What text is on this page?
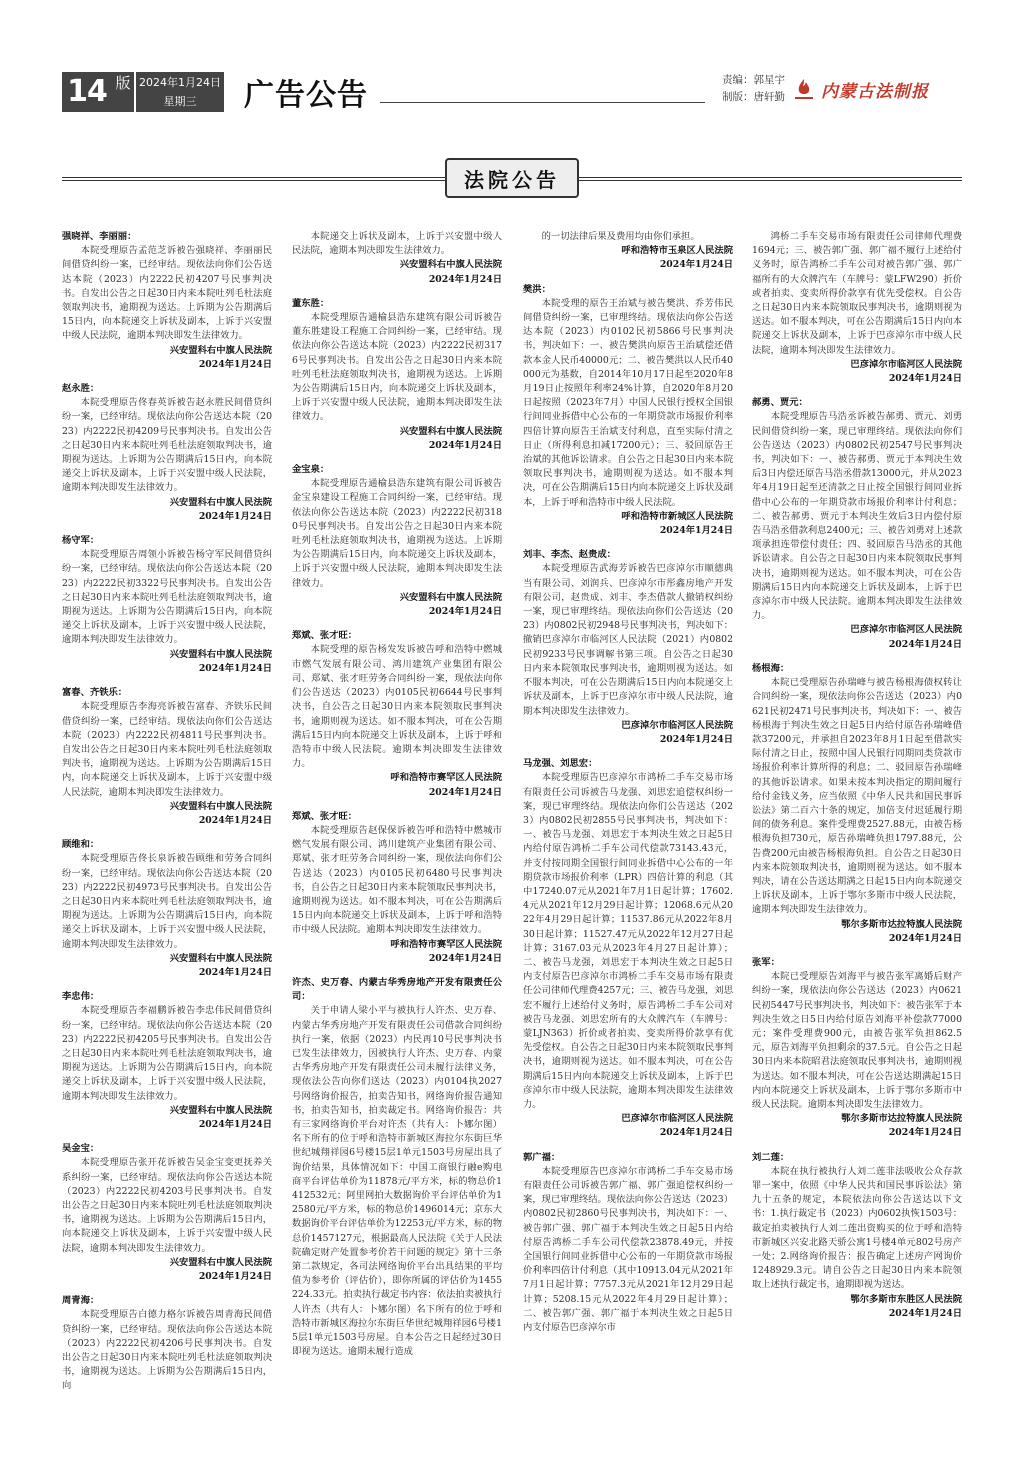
14 版 2024年1月24日
星期三	广告公告	责编：郭星宇
制版：唐轩勤 内蒙古法制报
法院公告

强晓祥、李丽丽：

本院受理原告孟范芝诉被告强晓祥、李丽丽民间借贷纠纷一案，已经审结。现依法向你们公告送达本院（2023）内2222民初4207号民事判决书。自发出公告之日起30日内来本院吐列毛杜法庭领取判决书，逾期视为送达。上诉期为公告期满后15日内，向本院递交上诉状及副本，上诉于兴安盟中级人民法院，逾期本判决即发生法律效力。

兴安盟科右中旗人民法院

2024年1月24日

赵永胜：

本院受理原告佟春英诉被告赵永胜民间借贷纠纷一案，已经审结。现依法向你公告送达本院（2023）内2222民初4209号民事判决书。自发出公告之日起30日内来本院吐列毛杜法庭领取判决书，逾期视为送达。上诉期为公告期满后15日内，向本院递交上诉状及副本，上诉于兴安盟中级人民法院，逾期本判决即发生法律效力。

兴安盟科右中旗人民法院

2024年1月24日

杨守军：

本院受理原告周领小诉被告杨守军民间借贷纠纷一案，已经审结。现依法向你公告送达本院（2023）内2222民初3322号民事判决书。自发出公告之日起30日内来本院吐列毛杜法庭领取判决书，逾期视为送达。上诉期为公告期满后15日内，向本院递交上诉状及副本，上诉于兴安盟中级人民法院，逾期本判决即发生法律效力。

兴安盟科右中旗人民法院

2024年1月24日

富春、齐铁乐：

本院受理原告李海亮诉被告富春、齐铁乐民间借贷纠纷一案，已经审结。现依法向你们公告送达本院（2023）内2222民初4811号民事判决书。自发出公告之日起30日内来本院吐列毛杜法庭领取判决书，逾期视为送达。上诉期为公告期满后15日内，向本院递交上诉状及副本，上诉于兴安盟中级人民法院，逾期本判决即发生法律效力。

兴安盟科右中旗人民法院

2024年1月24日

顾维和：

本院受理原告佟长泉诉被告顾维和劳务合同纠纷一案，已经审结。现依法向你公告送达本院（2023）内2222民初4973号民事判决书。自发出公告之日起30日内来本院吐列毛杜法庭领取判决书，逾期视为送达。上诉期为公告期满后15日内，向本院递交上诉状及副本，上诉于兴安盟中级人民法院，逾期本判决即发生法律效力。

兴安盟科右中旗人民法院

2024年1月24日

李忠伟：

本院受理原告李福鹏诉被告李忠伟民间借贷纠纷一案，已经审结。现依法向你公告送达本院（2023）内2222民初4205号民事判决书。自发出公告之日起30日内来本院吐列毛杜法庭领取判决书，逾期视为送达。上诉期为公告期满后15日内，向本院递交上诉状及副本，上诉于兴安盟中级人民法院，逾期本判决即发生法律效力。

兴安盟科右中旗人民法院

2024年1月24日

吴金宝：

本院受理原告张开花诉被告吴金宝变更抚养关系纠纷一案，已经审结。现依法向你公告送达本院（2023）内2222民初4203号民事判决书。自发出公告之日起30日内来本院吐列毛杜法庭领取判决书，逾期视为送达。上诉期为公告期满后15日内，向本院递交上诉状及副本，上诉于兴安盟中级人民法院，逾期本判决即发生法律效力。

兴安盟科右中旗人民法院

2024年1月24日

周青海：

本院受理原告白德力格尔诉被告周青海民间借贷纠纷一案，已经审结。现依法向你公告送达本院（2023）内2222民初4206号民事判决书。自发出公告之日起30日内来本院吐列毛杜法庭领取判决书，逾期视为送达。上诉期为公告期满后15日内，向

本院递交上诉状及副本，上诉于兴安盟中级人民法院，逾期本判决即发生法律效力。

兴安盟科右中旗人民法院

2024年1月24日

董东胜：

本院受理原告通榆县浩东建筑有限公司诉被告董东胜建设工程施工合同纠纷一案，已经审结。现依法向你公告送达本院（2023）内2222民初3176号民事判决书。自发出公告之日起30日内来本院吐列毛杜法庭领取判决书，逾期视为送达。上诉期为公告期满后15日内，向本院递交上诉状及副本，上诉于兴安盟中级人民法院，逾期本判决即发生法律效力。

兴安盟科右中旗人民法院

2024年1月24日

金宝泉：

本院受理原告通榆县浩东建筑有限公司诉被告金宝泉建设工程施工合同纠纷一案，已经审结。现依法向你公告送达本院（2023）内2222民初3180号民事判决书。自发出公告之日起30日内来本院吐列毛杜法庭领取判决书，逾期视为送达。上诉期为公告期满后15日内，向本院递交上诉状及副本，上诉于兴安盟中级人民法院，逾期本判决即发生法律效力。

兴安盟科右中旗人民法院

2024年1月24日

郑斌、张才旺：

本院受理的原告杨发发诉被告呼和浩特中燃城市燃气发展有限公司、鸿川建筑产业集团有限公司、郑斌、张才旺劳务合同纠纷一案，现依法向你们公告送达（2023）内0105民初6644号民事判决书，自公告之日起30日内来本院领取民事判决书，逾期则视为送达。如不服本判决，可在公告期满后15日内向本院递交上诉状及副本，上诉于呼和浩特市中级人民法院。逾期本判决即发生法律效力。

呼和浩特市赛罕区人民法院

2024年1月24日

郑斌、张才旺：

本院受理原告赵保保诉被告呼和浩特中燃城市燃气发展有限公司、鸿川建筑产业集团有限公司、郑斌、张才旺劳务合同纠纷一案，现依法向你们公告送达（2023）内0105民初6480号民事判决书，自公告之日起30日内来本院领取民事判决书，逾期则视为送达。如不服本判决，可在公告期满后15日内向本院递交上诉状及副本，上诉于呼和浩特市中级人民法院。逾期本判决即发生法律效力。

呼和浩特市赛罕区人民法院

2024年1月24日

许杰、史万春、内蒙古华秀房地产开发有限责任公司：

关于申请人梁小平与被执行人许杰、史万春、内蒙古华秀房地产开发有限责任公司借款合同纠纷执行一案，依据（2023）内民再10号民事判决书已发生法律效力，因被执行人许杰、史万春、内蒙古华秀房地产开发有限责任公司未履行法律义务，现依法公告向你们送达（2023）内0104执2027号网络询价报告，拍卖告知书，网络询价报告通知书，拍卖告知书，拍卖裁定书。网络询价报告：共有三家网络询价平台对许杰（共有人：卜娜尔图）名下所有的位于呼和浩特市新城区海拉尔东街巨华世纪城翔祥园6号楼15层1单元1503号房屋出具了询价结果，具体情况如下：中国工商银行融e购电商平台评估单价为11878元/平方米，标的物总价1412532元；阿里网拍大数据询价平台评估单价为12580元/平方米，标的物总价1496014元；京东大数据询价平台评估单价为12253元/平方米，标的物总价1457127元，根据最高人民法院《关于人民法院确定财产处置参考价若干问题的规定》第十三条第二款规定，各司法网络询价平台出具结果的平均值为参考价（评估价），即你所属的评估价为1455224.33元。拍卖执行裁定书内容：依法拍卖被执行人许杰（共有人：卜娜尔图）名下所有的位于呼和浩特市新城区海拉尔东街巨华世纪城翔祥园6号楼15层1单元1503号房屋。自本公告之日起经过30日即视为送达。逾期未履行造成

的一切法律后果及费用均由你们承担。

呼和浩特市玉泉区人民法院

2024年1月24日

樊洪：

本院受理的原告王治斌与被告樊洪、乔芳伟民间借贷纠纷一案，已审理终结。现依法向你公告送达本院（2023）内0102民初5866号民事判决书，判决如下：一、被告樊洪向原告王治斌偿还借款本金人民币40000元；二、被告樊洪以人民币40000元为基数，自2014年10月17日起至2020年8月19日止按照年利率24%计算，自2020年8月20日起按照（2023年7月）中国人民银行授权全国银行间同业拆借中心公布的一年期贷款市场报价利率四倍计算向原告王治斌支付利息，直至实际付清之日止（所得利息扣减17200元）；三、驳回原告王治斌的其他诉讼请求。自公告之日起30日内来本院领取民事判决书，逾期则视为送达。如不服本判决，可在公告期满后15日内向本院递交上诉状及副本，上诉于呼和浩特市中级人民法院。

呼和浩特市新城区人民法院

2024年1月24日

刘丰、李杰、赵贵成：

本院受理原告武海芳诉被告巴彦淖尔市顺德典当有限公司、刘润兵、巴彦淖尔市彤鑫房地产开发有限公司，赵贵成、刘丰、李杰借款人撤销权纠纷一案，现已审理终结。现依法向你们公告送达（2023）内0802民初2948号民事判决书，判决如下：撤销巴彦淖尔市临河区人民法院（2021）内0802民初9233号民事调解书第三项。自公告之日起30日内来本院领取民事判决书，逾期则视为送达。如不服本判决，可在公告期满后15日内向本院递交上诉状及副本，上诉于巴彦淖尔市中级人民法院，逾期本判决即发生法律效力。

巴彦淖尔市临河区人民法院

2024年1月24日

马龙强、刘思宏：

本院受理原告巴彦淖尔市鸿桥二手车交易市场有限责任公司诉被告马龙强、刘思宏追偿权纠纷一案，现已审理终结。现依法向你们公告送达（2023）内0802民初2855号民事判决书，判决如下：一、被告马龙强、刘思宏于本判决生效之日起5日内给付原告鸿桥二手车公司代偿款73143.43元，并支付按同期全国银行间同业拆借中心公布的一年期贷款市场报价利率（LPR）四倍计算的利息（其中17240.07元从2021年7月1日起计算；17602.4元从2021年12月29日起计算；12068.6元从2022年4月29日起计算；11537.86元从2022年8月30日起计算；11527.47元从2022年12月27日起计算；3167.03元从2023年4月27日起计算）；二、被告马龙强，刘思宏于本判决生效之日起5日内支付原告巴彦淖尔市鸿桥二手车交易市场有限责任公司律师代理费4257元；三、被告马龙强，刘思宏不履行上述给付义务时，原告鸿桥二手车公司对被告马龙强、刘思宏所有的大众牌汽车（车牌号：蒙LJN363）折价或者拍卖、变卖所得价款享有优先受偿权。自公告之日起30日内来本院领取民事判决书，逾期则视为送达。如不服本判决，可在公告期满后15日内向本院递交上诉状及副本，上诉于巴彦淖尔市中级人民法院，逾期本判决即发生法律效力。

巴彦淖尔市临河区人民法院

2024年1月24日

郭广福：

本院受理原告巴彦淖尔市鸿桥二手车交易市场有限责任公司诉被告郭广福、郭广强追偿权纠纷一案，现已审理终结。现依法向你公告送达（2023）内0802民初2860号民事判决书，判决如下：一、被告郭广强、郭广福于本判决生效之日起5日内给付原告鸿桥二手车公司代偿款23878.49元，并按全国银行间同业拆借中心公布的一年期贷款市场报价利率四倍计付利息（其中10913.04元从2021年7月1日起计算；7757.3元从2021年12月29日起计算；5208.15元从2022年4月29日起计算）；二、被告郭广强、郭广福于本判决生效之日起5日内支付原告巴彦淖尔市

鸿桥二手车交易市场有限责任公司律师代理费1694元；三、被告郭广强、郭广福不履行上述给付义务时，原告鸿桥二手车公司对被告郭广强、郭广福所有的大众牌汽车（车牌号：蒙LFW290）折价或者拍卖、变卖所得价款享有优先受偿权。自公告之日起30日内来本院领取民事判决书，逾期则视为送达。如不服本判决，可在公告期满后15日内向本院递交上诉状及副本，上诉于巴彦淖尔市中级人民法院，逾期本判决即发生法律效力。

巴彦淖尔市临河区人民法院

2024年1月24日

郝勇、贾元：

本院受理原告马浩丞诉被告郝勇、贾元、刘勇民间借贷纠纷一案，现已审理终结。现依法向你们公告送达（2023）内0802民初2547号民事判决书，判决如下：一、被告郝勇、贾元于本判决生效后3日内偿还原告马浩丞借款13000元，并从2023年4月19日起至还清款之日止按全国银行间同业拆借中心公布的一年期贷款市场报价利率计付利息；二、被告郝勇、贾元于本判决生效后3日内偿付原告马浩丞借款利息2400元；三、被告刘勇对上述款项承担连带偿付责任；四、驳回原告马浩丞的其他诉讼请求。自公告之日起30日内来本院领取民事判决书，逾期则视为送达。如不服本判决，可在公告期满后15日内向本院递交上诉状及副本，上诉于巴彦淖尔市中级人民法院。逾期本判决即发生法律效力。

巴彦淖尔市临河区人民法院

2024年1月24日

杨根海：

本院已受理原告孙瑞峰与被告杨根海债权转让合同纠纷一案，现依法向你公告送达（2023）内0621民初2471号民事判决书，判决如下：一、被告杨根海于判决生效之日起5日内给付原告孙瑞峰借款37200元，并承担自2023年8月1日起至借款实际付清之日止，按照中国人民银行同期同类贷款市场报价利率计算所得的利息；二、驳回原告孙瑞峰的其他诉讼请求。如果未按本判决指定的期间履行给付金钱义务，应当依照《中华人民共和国民事诉讼法》第二百六十条的规定，加倍支付迟延履行期间的债务利息。案件受理费2527.88元，由被告杨根海负担730元，原告孙瑞峰负担1797.88元，公告费200元由被告杨根海负担。自公告之日起30日内来本院领取判决书，逾期则视为送达。如不服本判决，请在公告送达期满之日起15日内向本院递交上诉状及副本，上诉于鄂尔多斯市中级人民法院，逾期本判决即发生法律效力。

鄂尔多斯市达拉特旗人民法院

2024年1月24日

张军：

本院已受理原告刘海平与被告张军离婚后财产纠纷一案，现依法向你公告送达（2023）内0621民初5447号民事判决书，判决如下：被告张军于本判决生效之日5日内给付原告刘海平补偿款77000元；案件受理费900元，由被告张军负担862.5元，原告刘海平负担剩余的37.5元。自公告之日起30日内来本院昭君法庭领取民事判决书，逾期则视为送达。如不服本判决，可在公告送达期满起15日内向本院递交上诉状及副本，上诉于鄂尔多斯市中级人民法院。逾期本判决即发生法律效力。

鄂尔多斯市达拉特旗人民法院

2024年1月24日

刘二莲：

本院在执行被执行人刘二莲非法吸收公众存款罪一案中，依照《中华人民共和国民事诉讼法》第九十五条的规定，本院依法向你公告送达以下文书：1.执行裁定书（2023）内0602执恢1503号：裁定拍卖被执行人刘二莲出资购买的位于呼和浩特市新城区兴安北路天骄公寓1号楼4单元802号房产一处；2.网络询价报告：报告确定上述房产网询价1248929.3元。请自公告之日起30日内来本院领取上述执行裁定书，逾期即视为送达。

鄂尔多斯市东胜区人民法院

2024年1月24日
